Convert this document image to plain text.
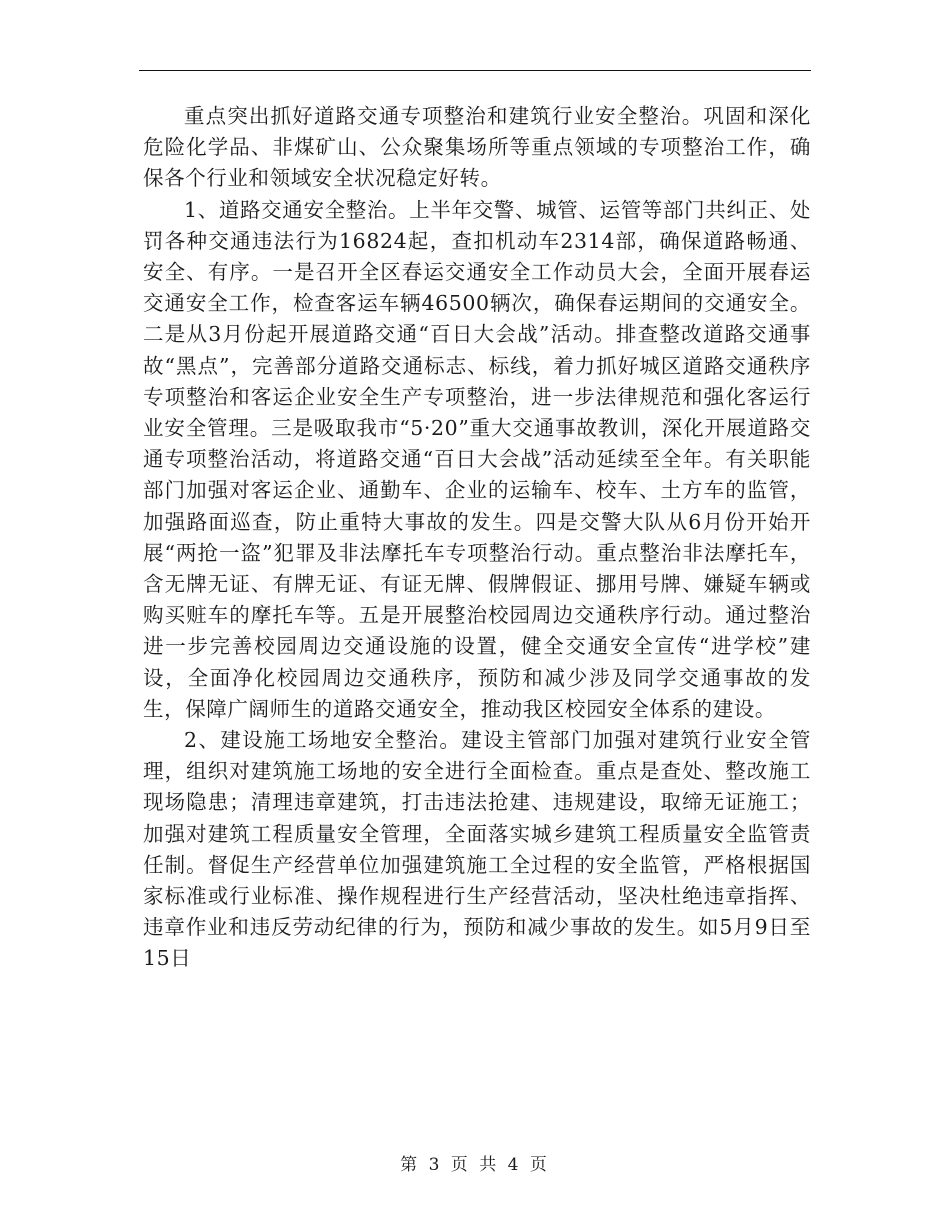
重点突出抓好道路交通专项整治和建筑行业安全整治。巩固和深化危险化学品、非煤矿山、公众聚集场所等重点领域的专项整治工作，确保各个行业和领域安全状况稳定好转。

1、道路交通安全整治。上半年交警、城管、运管等部门共纠正、处罚各种交通违法行为16824起，查扣机动车2314部，确保道路畅通、安全、有序。一是召开全区春运交通安全工作动员大会，全面开展春运交通安全工作，检查客运车辆46500辆次，确保春运期间的交通安全。二是从3月份起开展道路交通“百日大会战”活动。排查整改道路交通事故“黑点”，完善部分道路交通标志、标线，着力抓好城区道路交通秩序专项整治和客运企业安全生产专项整治，进一步法律规范和强化客运行业安全管理。三是吸取我市“5·20”重大交通事故教训，深化开展道路交通专项整治活动，将道路交通“百日大会战”活动延续至全年。有关职能部门加强对客运企业、通勤车、企业的运输车、校车、土方车的监管，加强路面巡查，防止重特大事故的发生。四是交警大队从6月份开始开展“两抢一盗”犯罪及非法摩托车专项整治行动。重点整治非法摩托车，含无牌无证、有牌无证、有证无牌、假牌假证、挪用号牌、嫌疑车辆或购买赃车的摩托车等。五是开展整治校园周边交通秩序行动。通过整治进一步完善校园周边交通设施的设置，健全交通安全宣传“进学校”建设，全面净化校园周边交通秩序，预防和减少涉及同学交通事故的发生，保障广阔师生的道路交通安全，推动我区校园安全体系的建设。

2、建设施工场地安全整治。建设主管部门加强对建筑行业安全管理，组织对建筑施工场地的安全进行全面检查。重点是查处、整改施工现场隐患；清理违章建筑，打击违法抢建、违规建设，取缔无证施工；加强对建筑工程质量安全管理，全面落实城乡建筑工程质量安全监管责任制。督促生产经营单位加强建筑施工全过程的安全监管，严格根据国家标准或行业标准、操作规程进行生产经营活动，坚决杜绝违章指挥、违章作业和违反劳动纪律的行为，预防和减少事故的发生。如5月9日至15日

第 3 页 共 4 页
